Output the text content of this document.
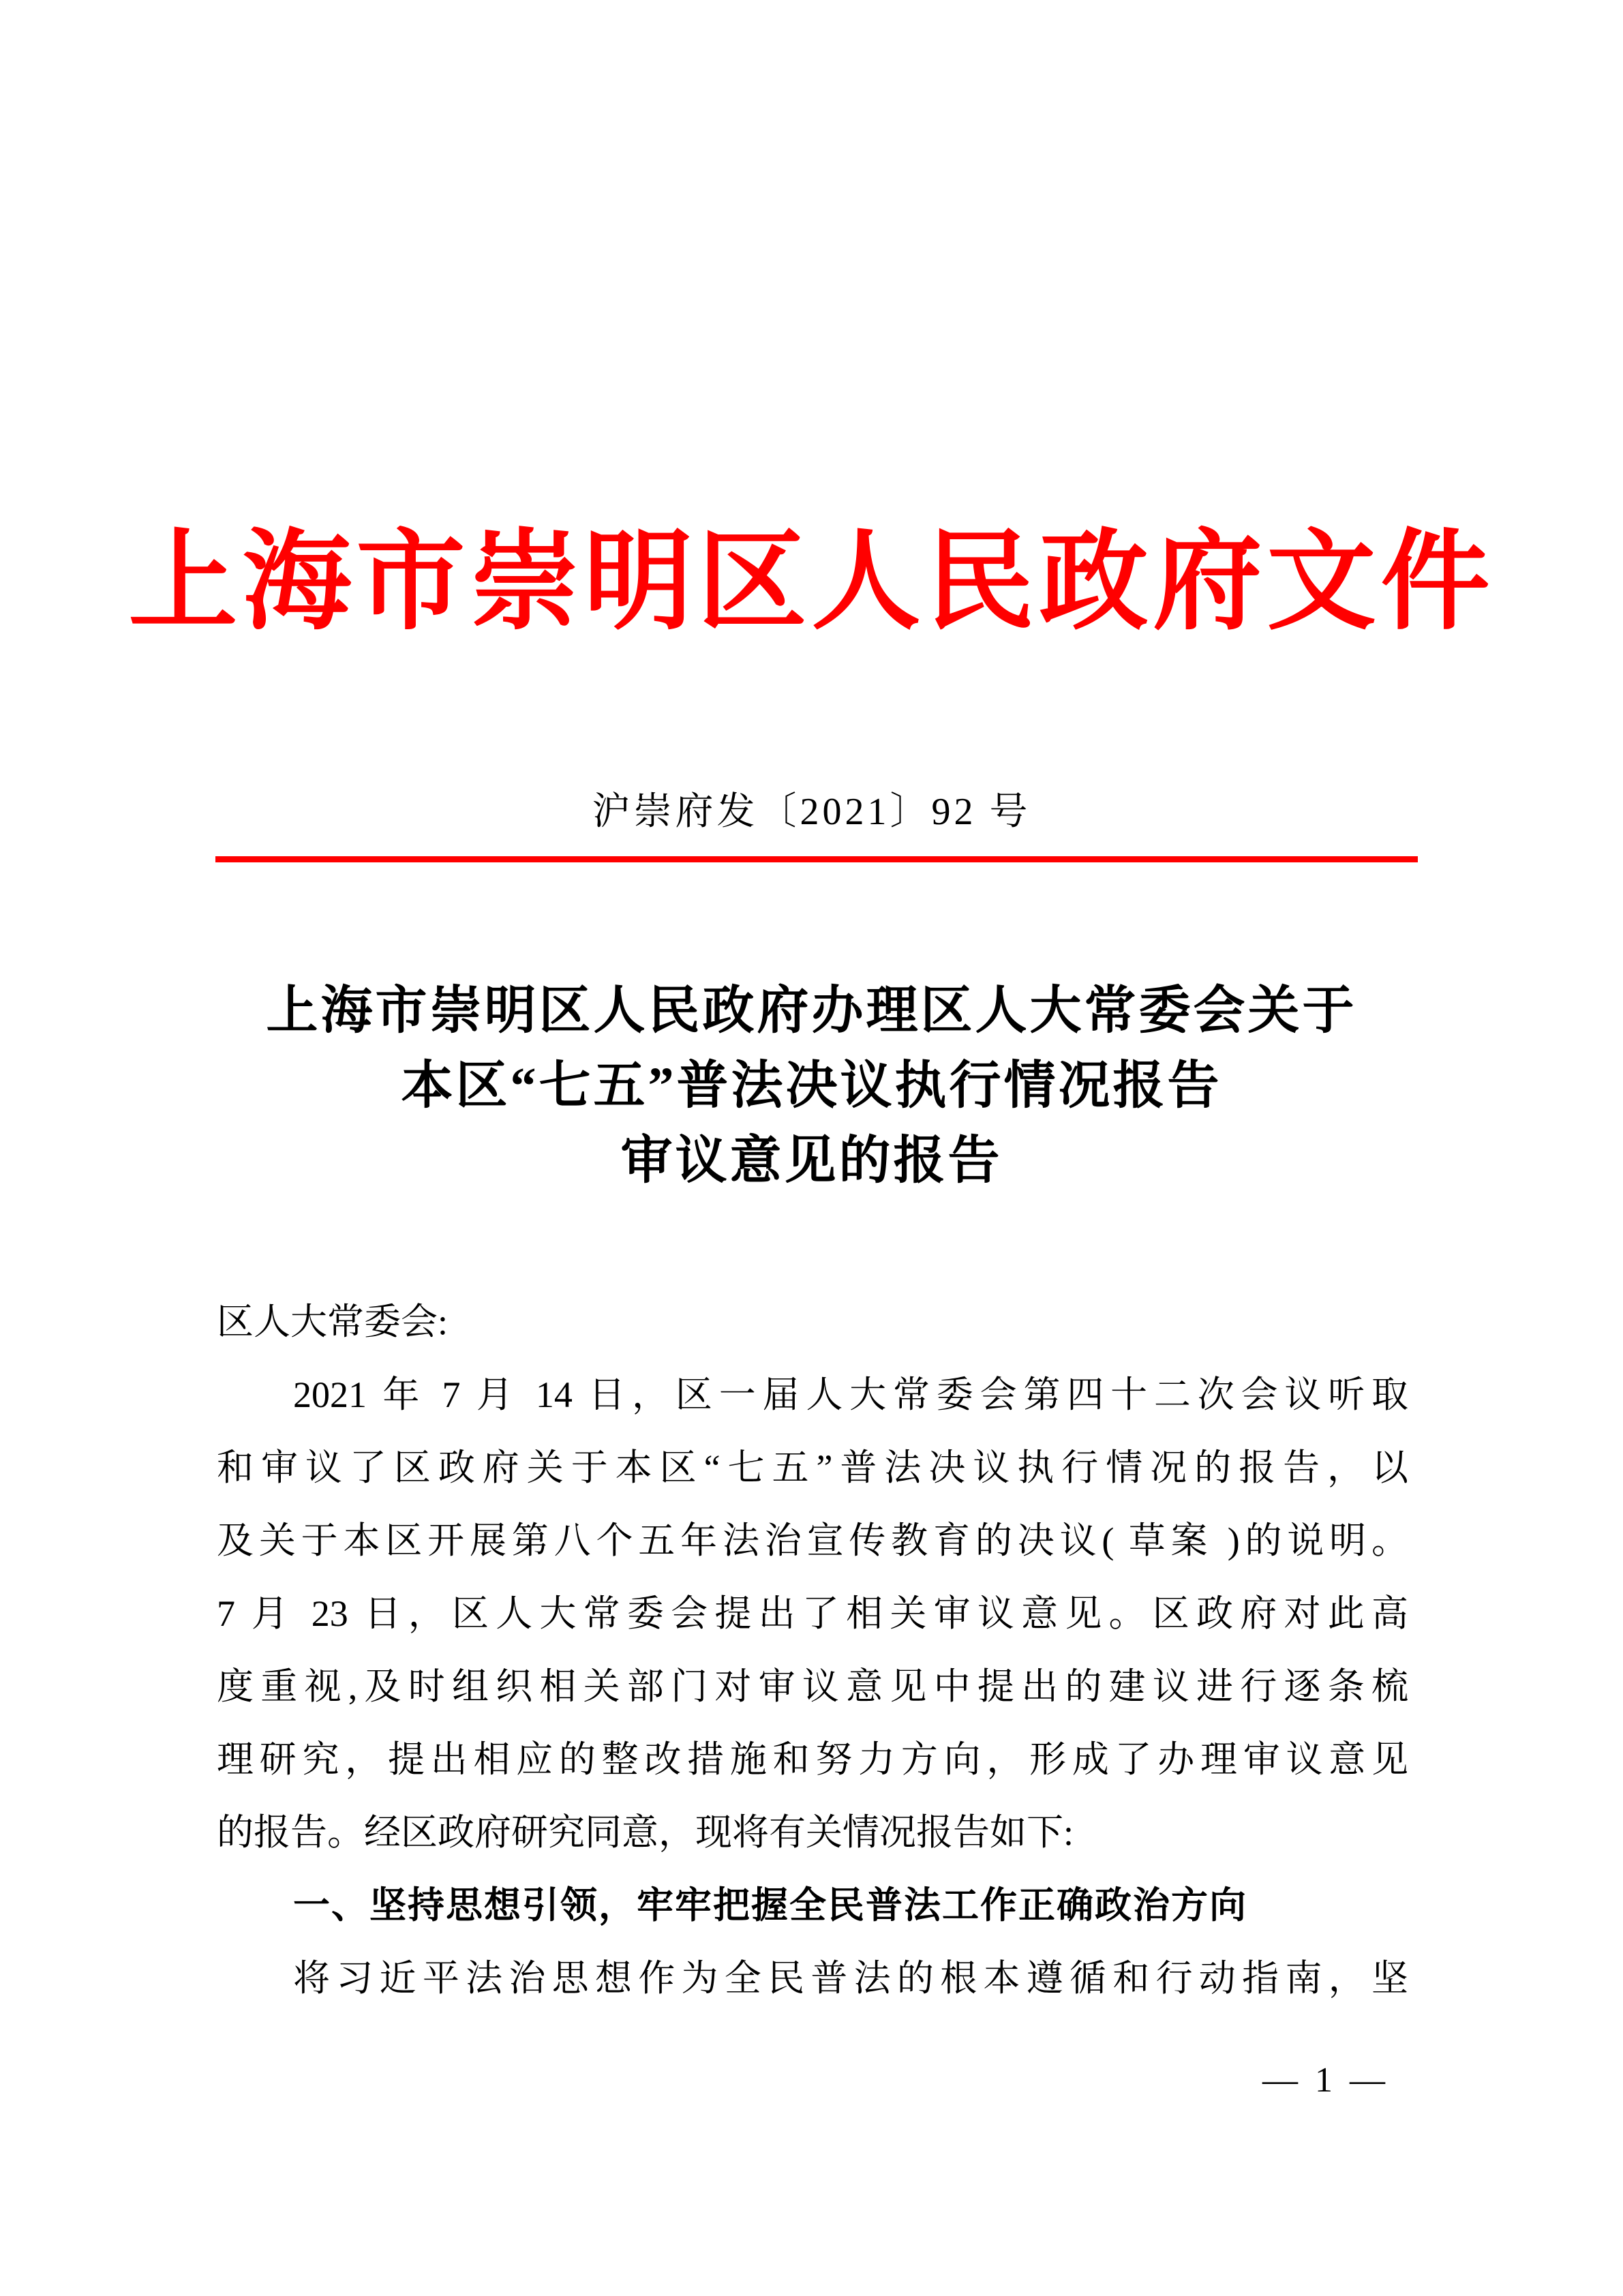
上海市崇明区人民政府文件
沪崇府发〔2021〕92 号
上海市崇明区人民政府办理区人大常委会关于
本区“七五”普法决议执行情况报告
审议意见的报告
区人大常委会:
2021 年 7 月 14 日，区一届人大常委会第四十二次会议听取
和审议了区政府关于本区“七五”普法决议执行情况的报告，以
及关于本区开展第八个五年法治宣传教育的决议( 草案 )的说明。
7 月 23 日，区人大常委会提出了相关审议意见。区政府对此高
度重视,及时组织相关部门对审议意见中提出的建议进行逐条梳
理研究，提出相应的整改措施和努力方向，形成了办理审议意见
的报告。经区政府研究同意，现将有关情况报告如下:
一、坚持思想引领，牢牢把握全民普法工作正确政治方向
将习近平法治思想作为全民普法的根本遵循和行动指南，坚
— 1 —
